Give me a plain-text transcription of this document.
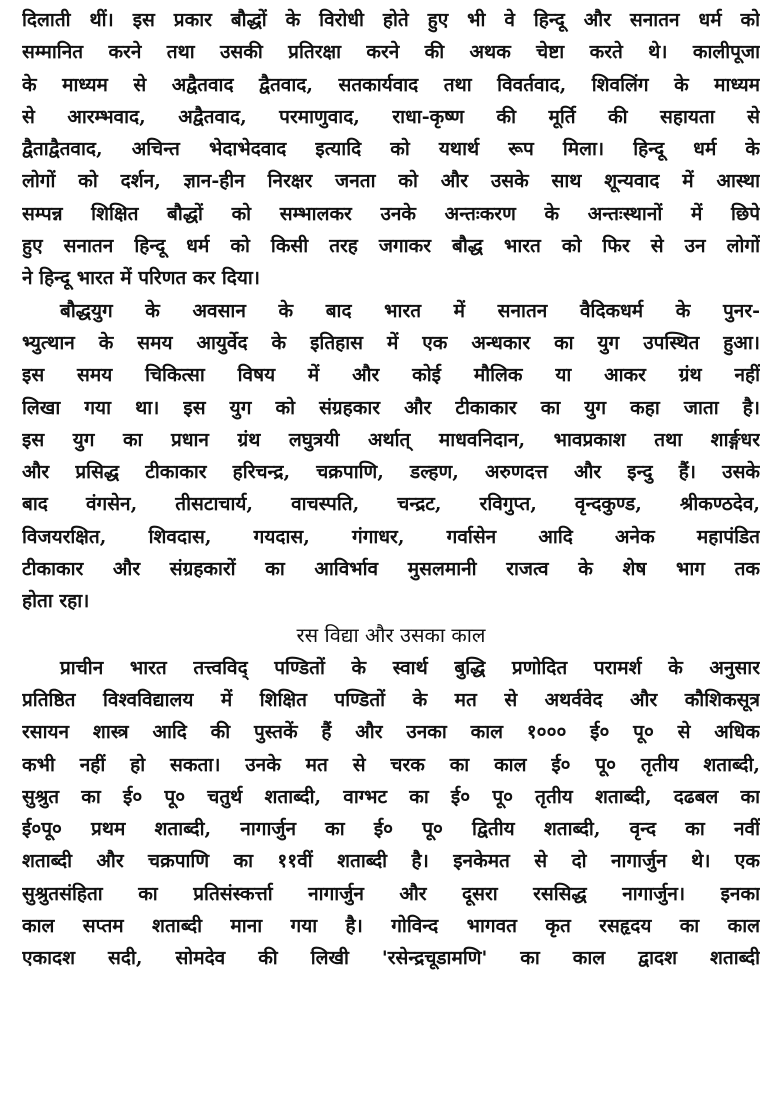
दिलाती थीं। इस प्रकार बौद्धों के विरोधी होते हुए भी वे हिन्दू और सनातन धर्म को
सम्मानित करने तथा उसकी प्रतिरक्षा करने की अथक चेष्टा करते थे। कालीपूजा
के माध्यम से अद्वैतवाद द्वैतवाद, सतकार्यवाद तथा विवर्तवाद, शिवलिंग के माध्यम
से आरम्भवाद, अद्वैतवाद, परमाणुवाद, राधा-कृष्ण की मूर्ति की सहायता से
द्वैताद्वैतवाद, अचिन्त भेदाभेदवाद इत्यादि को यथार्थ रूप मिला। हिन्दू धर्म के
लोगों को दर्शन, ज्ञान-हीन निरक्षर जनता को और उसके साथ शून्यवाद में आस्था
सम्पन्न शिक्षित बौद्धों को सम्भालकर उनके अन्तःकरण के अन्तःस्थानों में छिपे
हुए सनातन हिन्दू धर्म को किसी तरह जगाकर बौद्ध भारत को फिर से उन लोगों
ने हिन्दू भारत में परिणत कर दिया।
बौद्धयुग के अवसान के बाद भारत में सनातन वैदिकधर्म के पुनर-
भ्युत्थान के समय आयुर्वेद के इतिहास में एक अन्धकार का युग उपस्थित हुआ।
इस समय चिकित्सा विषय में और कोई मौलिक या आकर ग्रंथ नहीं
लिखा गया था। इस युग को संग्रहकार और टीकाकार का युग कहा जाता है।
इस युग का प्रधान ग्रंथ लघुत्रयी अर्थात् माधवनिदान, भावप्रकाश तथा शार्ङ्गधर
और प्रसिद्ध टीकाकार हरिचन्द्र, चक्रपाणि, डल्हण, अरुणदत्त और इन्दु हैं। उसके
बाद वंगसेन, तीसटाचार्य, वाचस्पति, चन्द्रट, रविगुप्त, वृन्दकुण्ड, श्रीकण्ठदेव,
विजयरक्षित, शिवदास, गयदास, गंगाधर, गर्वासेन आदि अनेक महापंडित
टीकाकार और संग्रहकारों का आविर्भाव मुसलमानी राजत्व के शेष भाग तक
होता रहा।
रस विद्या और उसका काल
प्राचीन भारत तत्त्वविद् पण्डितों के स्वार्थ बुद्धि प्रणोदित परामर्श के अनुसार
प्रतिष्ठित विश्वविद्यालय में शिक्षित पण्डितों के मत से अथर्ववेद और कौशिकसूत्र
रसायन शास्त्र आदि की पुस्तकें हैं और उनका काल १००० ई० पू० से अधिक
कभी नहीं हो सकता। उनके मत से चरक का काल ई० पू० तृतीय शताब्दी,
सुश्रुत का ई० पू० चतुर्थ शताब्दी, वाग्भट का ई० पू० तृतीय शताब्दी, दढबल का
ई०पू० प्रथम शताब्दी, नागार्जुन का ई० पू० द्वितीय शताब्दी, वृन्द का नवीं
शताब्दी और चक्रपाणि का ११वीं शताब्दी है। इनकेमत से दो नागार्जुन थे। एक
सुश्रुतसंहिता का प्रतिसंस्कर्त्ता नागार्जुन और दूसरा रससिद्ध नागार्जुन। इनका
काल सप्तम शताब्दी माना गया है। गोविन्द भागवत कृत रसहृदय का काल
एकादश सदी, सोमदेव की लिखी 'रसेन्द्रचूडामणि' का काल द्वादश शताब्दी
